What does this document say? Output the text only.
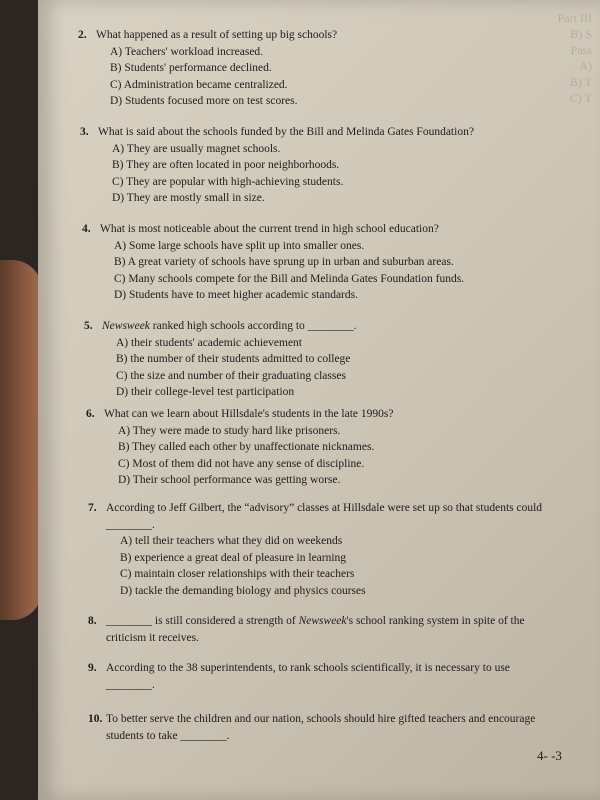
Part III
B) S
Pass
A)
B) T
C) T

2. What happened as a result of setting up big schools?

A) Teachers' workload increased.

B) Students' performance declined.

C) Administration became centralized.

D) Students focused more on test scores.

3. What is said about the schools funded by the Bill and Melinda Gates Foundation?

A) They are usually magnet schools.

B) They are often located in poor neighborhoods.

C) They are popular with high-achieving students.

D) They are mostly small in size.

4. What is most noticeable about the current trend in high school education?

A) Some large schools have split up into smaller ones.

B) A great variety of schools have sprung up in urban and suburban areas.

C) Many schools compete for the Bill and Melinda Gates Foundation funds.

D) Students have to meet higher academic standards.

5. Newsweek ranked high schools according to ________.

A) their students' academic achievement

B) the number of their students admitted to college

C) the size and number of their graduating classes

D) their college-level test participation

6. What can we learn about Hillsdale's students in the late 1990s?

A) They were made to study hard like prisoners.

B) They called each other by unaffectionate nicknames.

C) Most of them did not have any sense of discipline.

D) Their school performance was getting worse.

7. According to Jeff Gilbert, the “advisory” classes at Hillsdale were set up so that students could

________.

A) tell their teachers what they did on weekends

B) experience a great deal of pleasure in learning

C) maintain closer relationships with their teachers

D) tackle the demanding biology and physics courses

8. ________ is still considered a strength of Newsweek's school ranking system in spite of the

criticism it receives.

9. According to the 38 superintendents, to rank schools scientifically, it is necessary to use

________.

10. To better serve the children and our nation, schools should hire gifted teachers and encourage

students to take ________.

4- -3
